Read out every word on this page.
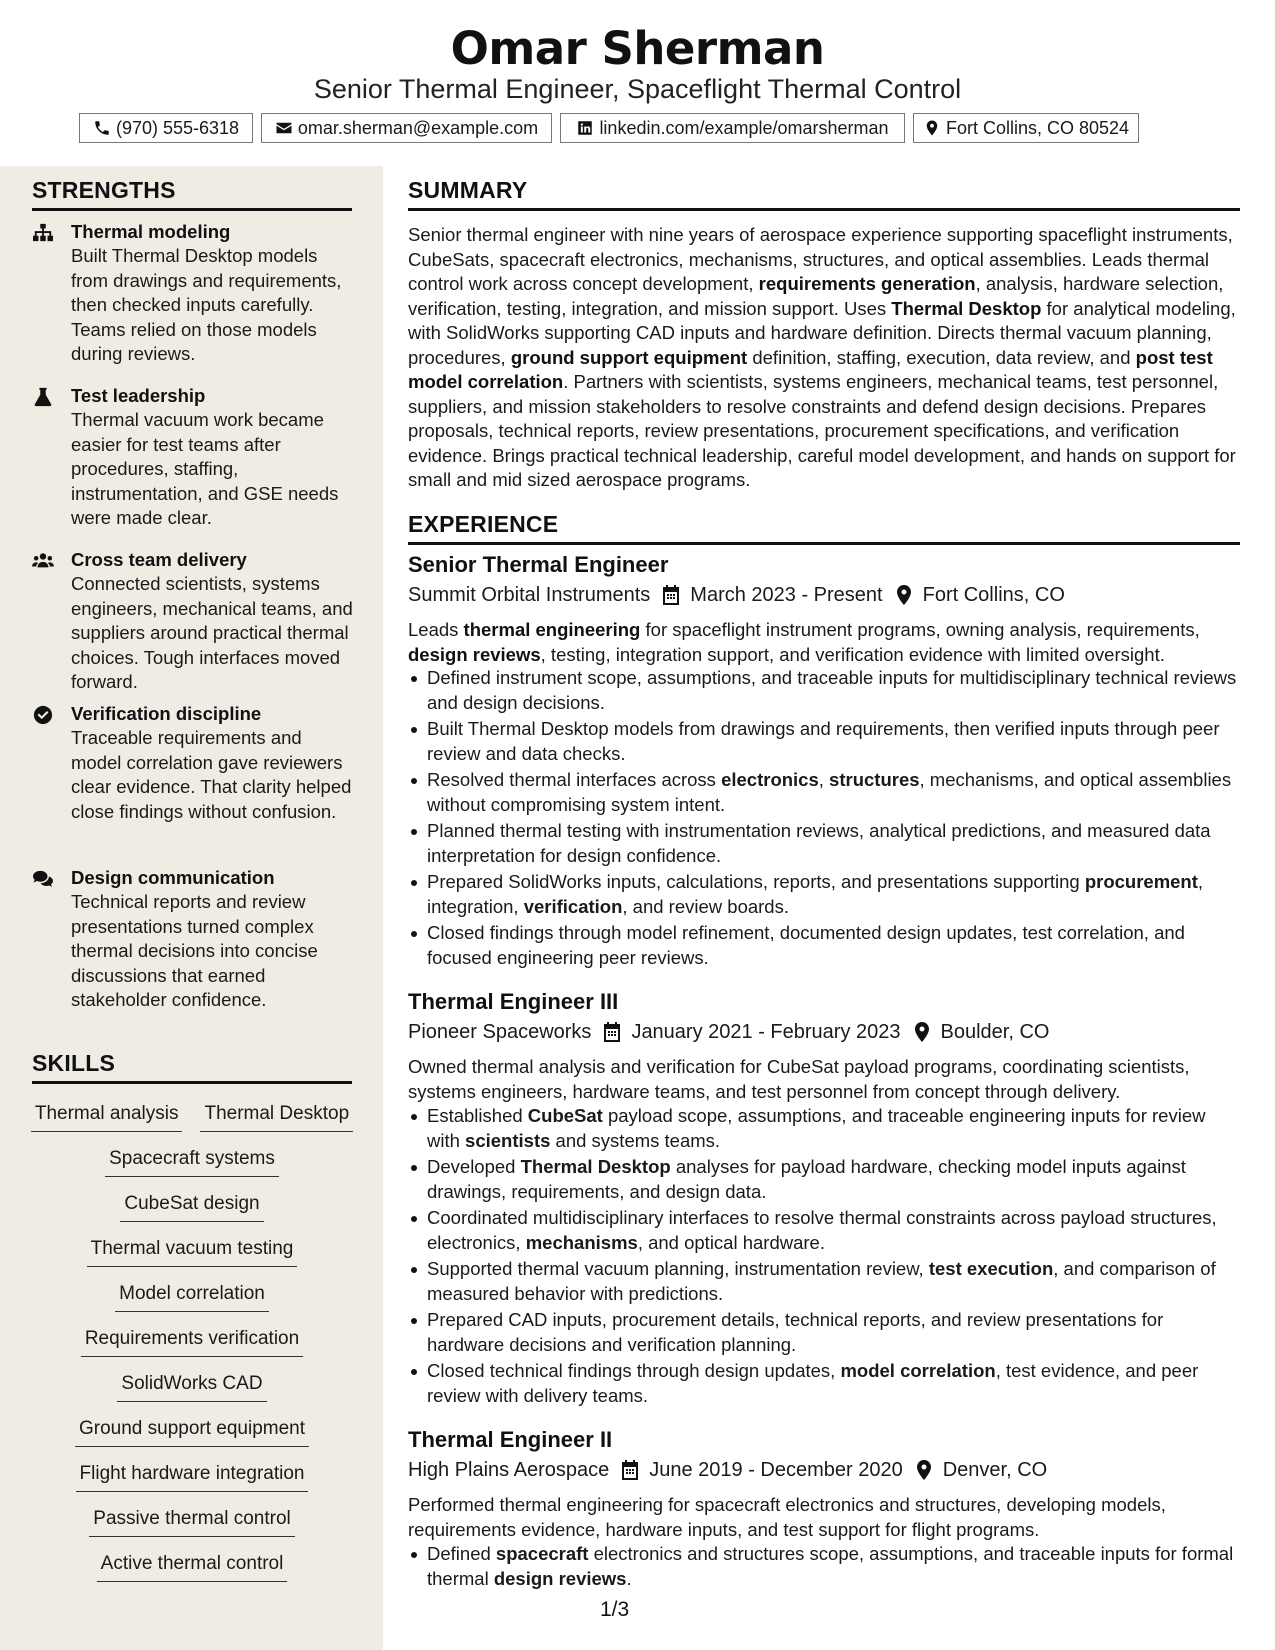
Omar Sherman
Senior Thermal Engineer, Spaceflight Thermal Control
(970) 555-6318	omar.sherman@example.com	linkedin.com/example/omarsherman	Fort Collins, CO 80524
STRENGTHS
Thermal modeling
Built Thermal Desktop models from drawings and requirements, then checked inputs carefully. Teams relied on those models during reviews.
Test leadership
Thermal vacuum work became easier for test teams after procedures, staffing, instrumentation, and GSE needs were made clear.
Cross team delivery
Connected scientists, systems engineers, mechanical teams, and suppliers around practical thermal choices. Tough interfaces moved forward.
Verification discipline
Traceable requirements and model correlation gave reviewers clear evidence. That clarity helped close findings without confusion.
Design communication
Technical reports and review presentations turned complex thermal decisions into concise discussions that earned stakeholder confidence.
SKILLS
Thermal analysis Thermal Desktop
Spacecraft systems
CubeSat design
Thermal vacuum testing
Model correlation
Requirements verification
SolidWorks CAD
Ground support equipment
Flight hardware integration
Passive thermal control
Active thermal control
SUMMARY
Senior thermal engineer with nine years of aerospace experience supporting spaceflight instruments, CubeSats, spacecraft electronics, mechanisms, structures, and optical assemblies. Leads thermal control work across concept development, requirements generation, analysis, hardware selection, verification, testing, integration, and mission support. Uses Thermal Desktop for analytical modeling, with SolidWorks supporting CAD inputs and hardware definition. Directs thermal vacuum planning, procedures, ground support equipment definition, staffing, execution, data review, and post test model correlation. Partners with scientists, systems engineers, mechanical teams, test personnel, suppliers, and mission stakeholders to resolve constraints and defend design decisions. Prepares proposals, technical reports, review presentations, procurement specifications, and verification evidence. Brings practical technical leadership, careful model development, and hands on support for small and mid sized aerospace programs.
EXPERIENCE
Senior Thermal Engineer
Summit Orbital Instruments March 2023 - Present Fort Collins, CO
Leads thermal engineering for spaceflight instrument programs, owning analysis, requirements, design reviews, testing, integration support, and verification evidence with limited oversight.
Defined instrument scope, assumptions, and traceable inputs for multidisciplinary technical reviews and design decisions.
Built Thermal Desktop models from drawings and requirements, then verified inputs through peer review and data checks.
Resolved thermal interfaces across electronics, structures, mechanisms, and optical assemblies without compromising system intent.
Planned thermal testing with instrumentation reviews, analytical predictions, and measured data interpretation for design confidence.
Prepared SolidWorks inputs, calculations, reports, and presentations supporting procurement, integration, verification, and review boards.
Closed findings through model refinement, documented design updates, test correlation, and focused engineering peer reviews.
Thermal Engineer III
Pioneer Spaceworks January 2021 - February 2023 Boulder, CO
Owned thermal analysis and verification for CubeSat payload programs, coordinating scientists, systems engineers, hardware teams, and test personnel from concept through delivery.
Established CubeSat payload scope, assumptions, and traceable engineering inputs for review with scientists and systems teams.
Developed Thermal Desktop analyses for payload hardware, checking model inputs against drawings, requirements, and design data.
Coordinated multidisciplinary interfaces to resolve thermal constraints across payload structures, electronics, mechanisms, and optical hardware.
Supported thermal vacuum planning, instrumentation review, test execution, and comparison of measured behavior with predictions.
Prepared CAD inputs, procurement details, technical reports, and review presentations for hardware decisions and verification planning.
Closed technical findings through design updates, model correlation, test evidence, and peer review with delivery teams.
Thermal Engineer II
High Plains Aerospace June 2019 - December 2020 Denver, CO
Performed thermal engineering for spacecraft electronics and structures, developing models, requirements evidence, hardware inputs, and test support for flight programs.
Defined spacecraft electronics and structures scope, assumptions, and traceable inputs for formal thermal design reviews.
1/3
